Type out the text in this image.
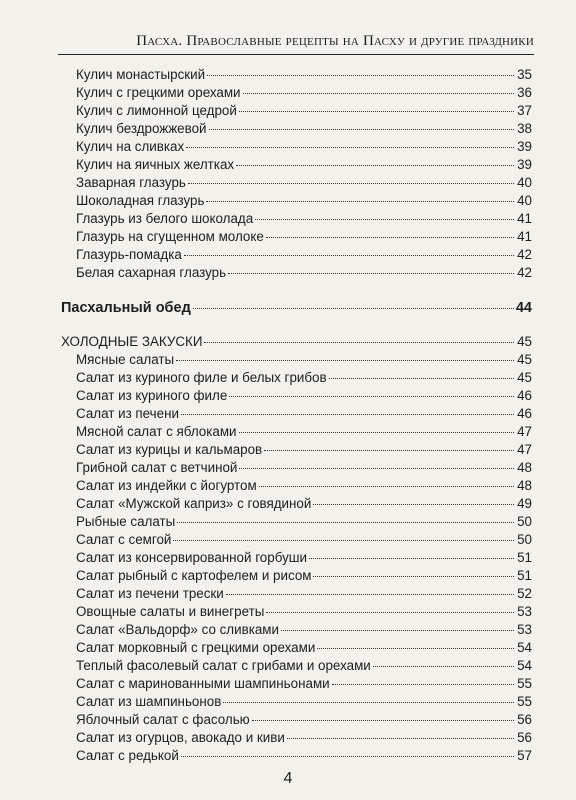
Пасха. Православные рецепты на Пасху и другие праздники
Кулич монастырский	35
Кулич с грецкими орехами	36
Кулич с лимонной цедрой	37
Кулич бездрожжевой	38
Кулич на сливках	39
Кулич на яичных желтках	39
Заварная глазурь	40
Шоколадная глазурь	40
Глазурь из белого шоколада	41
Глазурь на сгущенном молоке	41
Глазурь-помадка	42
Белая сахарная глазурь	42
Пасхальный обед	44
ХОЛОДНЫЕ ЗАКУСКИ	45
Мясные салаты	45
Салат из куриного филе и белых грибов	45
Салат из куриного филе	46
Салат из печени	46
Мясной салат с яблоками	47
Салат из курицы и кальмаров	47
Грибной салат с ветчиной	48
Салат из индейки с йогуртом	48
Салат «Мужской каприз» с говядиной	49
Рыбные салаты	50
Салат с семгой	50
Салат из консервированной горбуши	51
Салат рыбный с картофелем и рисом	51
Салат из печени трески	52
Овощные салаты и винегреты	53
Салат «Вальдорф» со сливками	53
Салат морковный с грецкими орехами	54
Теплый фасолевый салат с грибами и орехами	54
Салат с маринованными шампиньонами	55
Салат из шампиньонов	55
Яблочный салат с фасолью	56
Салат из огурцов, авокадо и киви	56
Салат с редькой	57
4
